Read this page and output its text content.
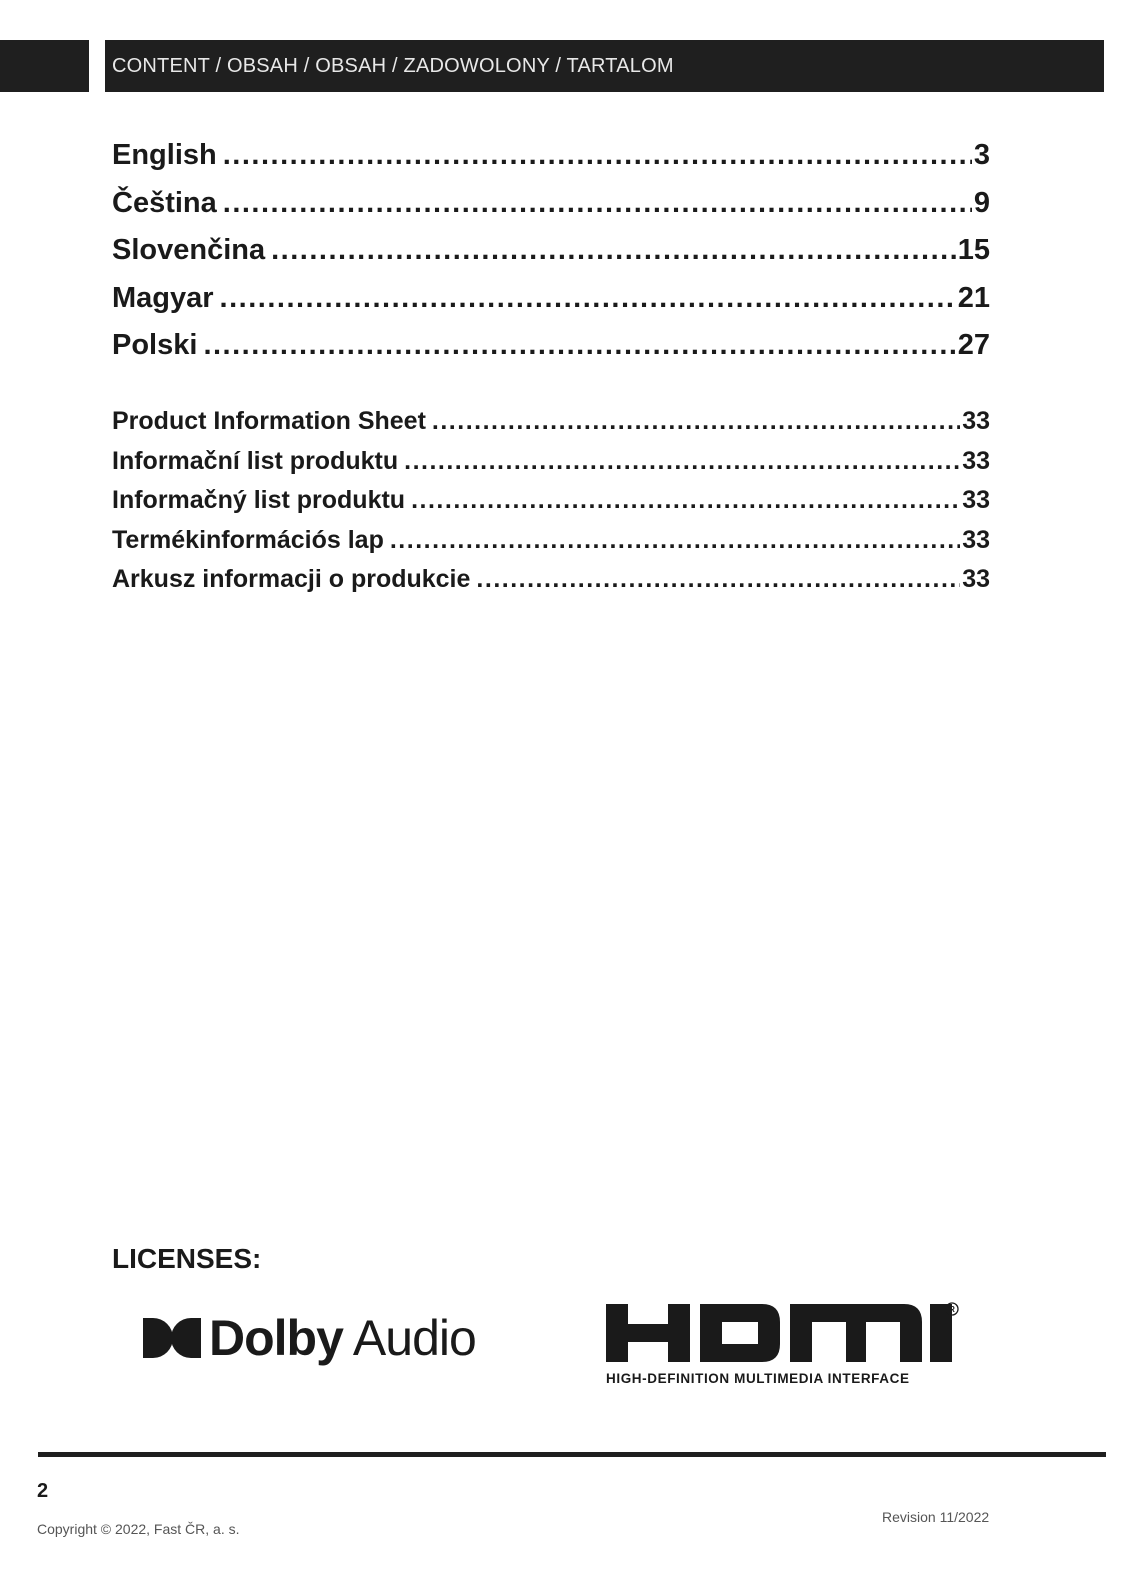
CONTENT / OBSAH / OBSAH / ZADOWOLONY / TARTALOM
English .....	3
Čeština .....	9
Slovenčina .....	15
Magyar .....	21
Polski .....	27
Product Information Sheet .....	33
Informační list produktu .....	33
Informačný list produktu .....	33
Termékinformációs lap .....	33
Arkusz informacji o produkcie .....	33
LICENSES:
Dolby Audio
R
HIGH-DEFINITION MULTIMEDIA INTERFACE
2
Copyright © 2022, Fast ČR, a. s.
Revision 11/2022
